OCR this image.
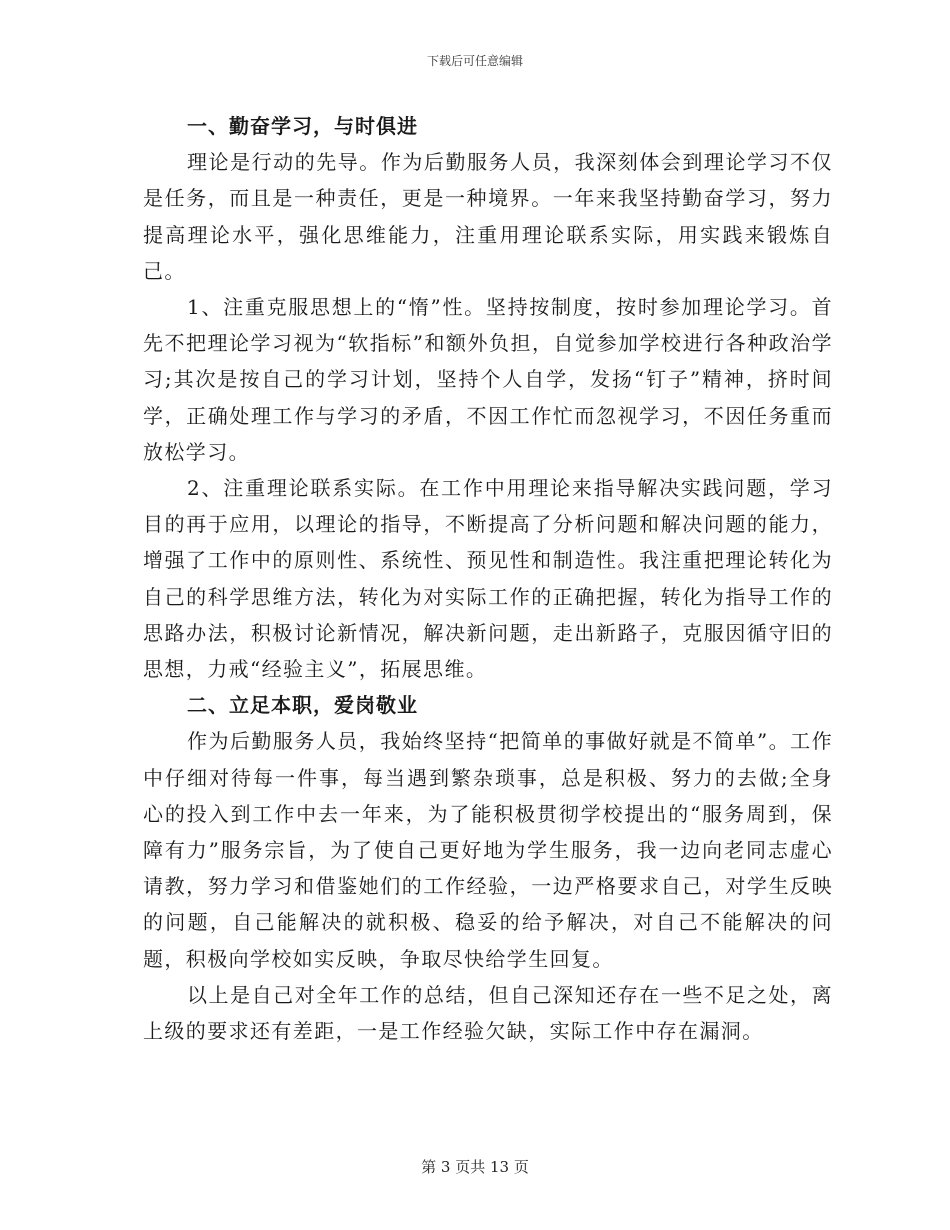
下载后可任意编辑

一、勤奋学习，与时俱进

理论是行动的先导。作为后勤服务人员，我深刻体会到理论学习不仅是任务，而且是一种责任，更是一种境界。一年来我坚持勤奋学习，努力提高理论水平，强化思维能力，注重用理论联系实际，用实践来锻炼自己。

1、注重克服思想上的“惰”性。坚持按制度，按时参加理论学习。首先不把理论学习视为“软指标”和额外负担，自觉参加学校进行各种政治学习;其次是按自己的学习计划，坚持个人自学，发扬“钉子”精神，挤时间学，正确处理工作与学习的矛盾，不因工作忙而忽视学习，不因任务重而放松学习。

2、注重理论联系实际。在工作中用理论来指导解决实践问题，学习目的再于应用，以理论的指导，不断提高了分析问题和解决问题的能力，增强了工作中的原则性、系统性、预见性和制造性。我注重把理论转化为自己的科学思维方法，转化为对实际工作的正确把握，转化为指导工作的思路办法，积极讨论新情况，解决新问题，走出新路子，克服因循守旧的思想，力戒“经验主义”，拓展思维。

二、立足本职，爱岗敬业

作为后勤服务人员，我始终坚持“把简单的事做好就是不简单”。工作中仔细对待每一件事，每当遇到繁杂琐事，总是积极、努力的去做;全身心的投入到工作中去一年来，为了能积极贯彻学校提出的“服务周到，保障有力”服务宗旨，为了使自己更好地为学生服务，我一边向老同志虚心请教，努力学习和借鉴她们的工作经验，一边严格要求自己，对学生反映的问题，自己能解决的就积极、稳妥的给予解决，对自己不能解决的问题，积极向学校如实反映，争取尽快给学生回复。

以上是自己对全年工作的总结，但自己深知还存在一些不足之处，离上级的要求还有差距，一是工作经验欠缺，实际工作中存在漏洞。

第 3 页共 13 页
